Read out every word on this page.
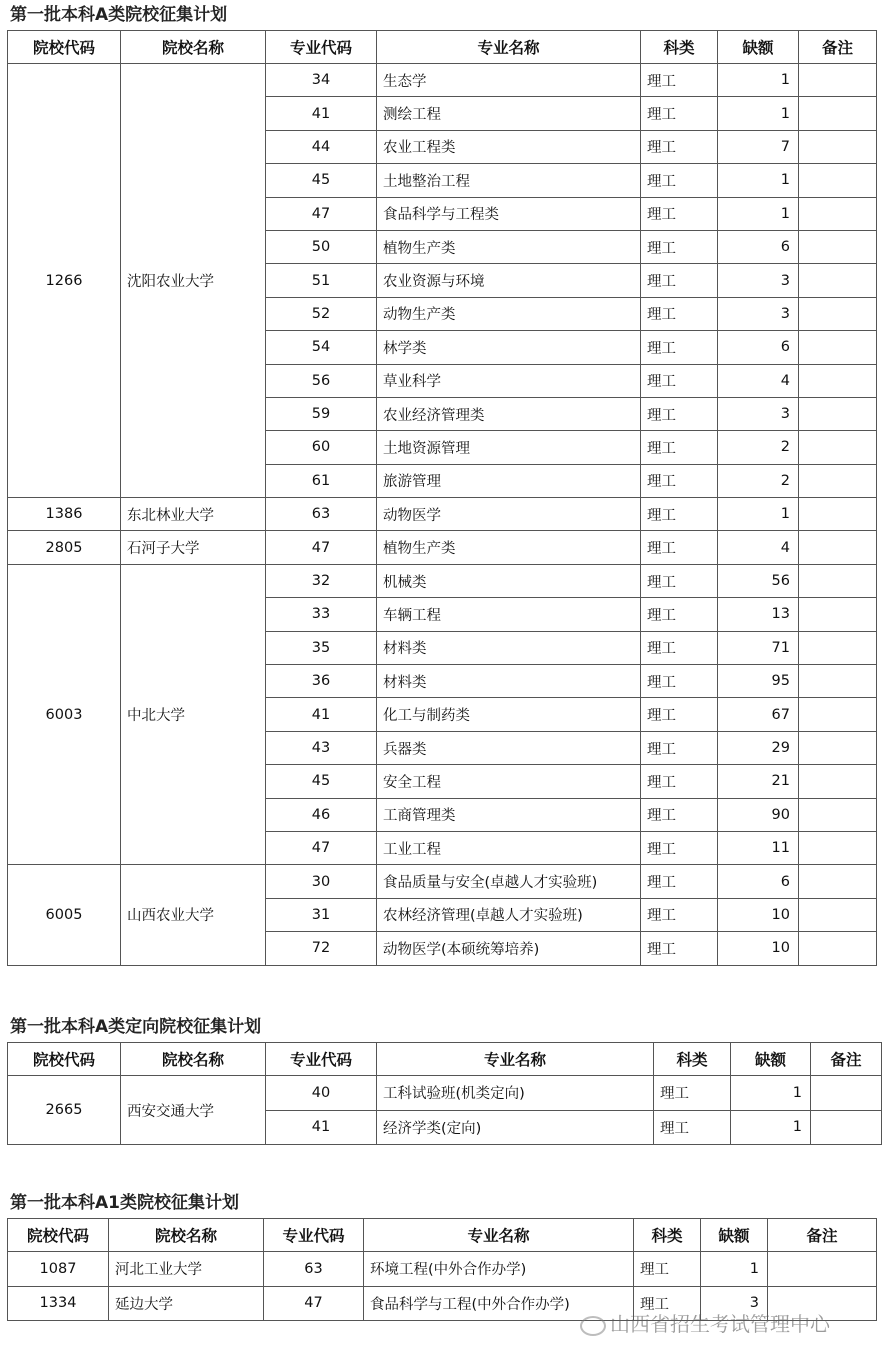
第一批本科A类院校征集计划
院校代码	院校名称	专业代码	专业名称	科类	缺额	备注
1266	沈阳农业大学	34	生态学	理工	1	
		41	测绘工程	理工	1	
		44	农业工程类	理工	7	
		45	土地整治工程	理工	1	
		47	食品科学与工程类	理工	1	
		50	植物生产类	理工	6	
		51	农业资源与环境	理工	3	
		52	动物生产类	理工	3	
		54	林学类	理工	6	
		56	草业科学	理工	4	
		59	农业经济管理类	理工	3	
		60	土地资源管理	理工	2	
		61	旅游管理	理工	2	
1386	东北林业大学	63	动物医学	理工	1	
2805	石河子大学	47	植物生产类	理工	4	
6003	中北大学	32	机械类	理工	56	
		33	车辆工程	理工	13	
		35	材料类	理工	71	
		36	材料类	理工	95	
		41	化工与制药类	理工	67	
		43	兵器类	理工	29	
		45	安全工程	理工	21	
		46	工商管理类	理工	90	
		47	工业工程	理工	11	
6005	山西农业大学	30	食品质量与安全(卓越人才实验班)	理工	6	
		31	农林经济管理(卓越人才实验班)	理工	10	
		72	动物医学(本硕统筹培养)	理工	10	
第一批本科A类定向院校征集计划
院校代码	院校名称	专业代码	专业名称	科类	缺额	备注
2665	西安交通大学	40	工科试验班(机类定向)	理工	1	
		41	经济学类(定向)	理工	1	
第一批本科A1类院校征集计划
院校代码	院校名称	专业代码	专业名称	科类	缺额	备注
1087	河北工业大学	63	环境工程(中外合作办学)	理工	1	
1334	延边大学	47	食品科学与工程(中外合作办学)	理工	3	
山西省招生考试管理中心
